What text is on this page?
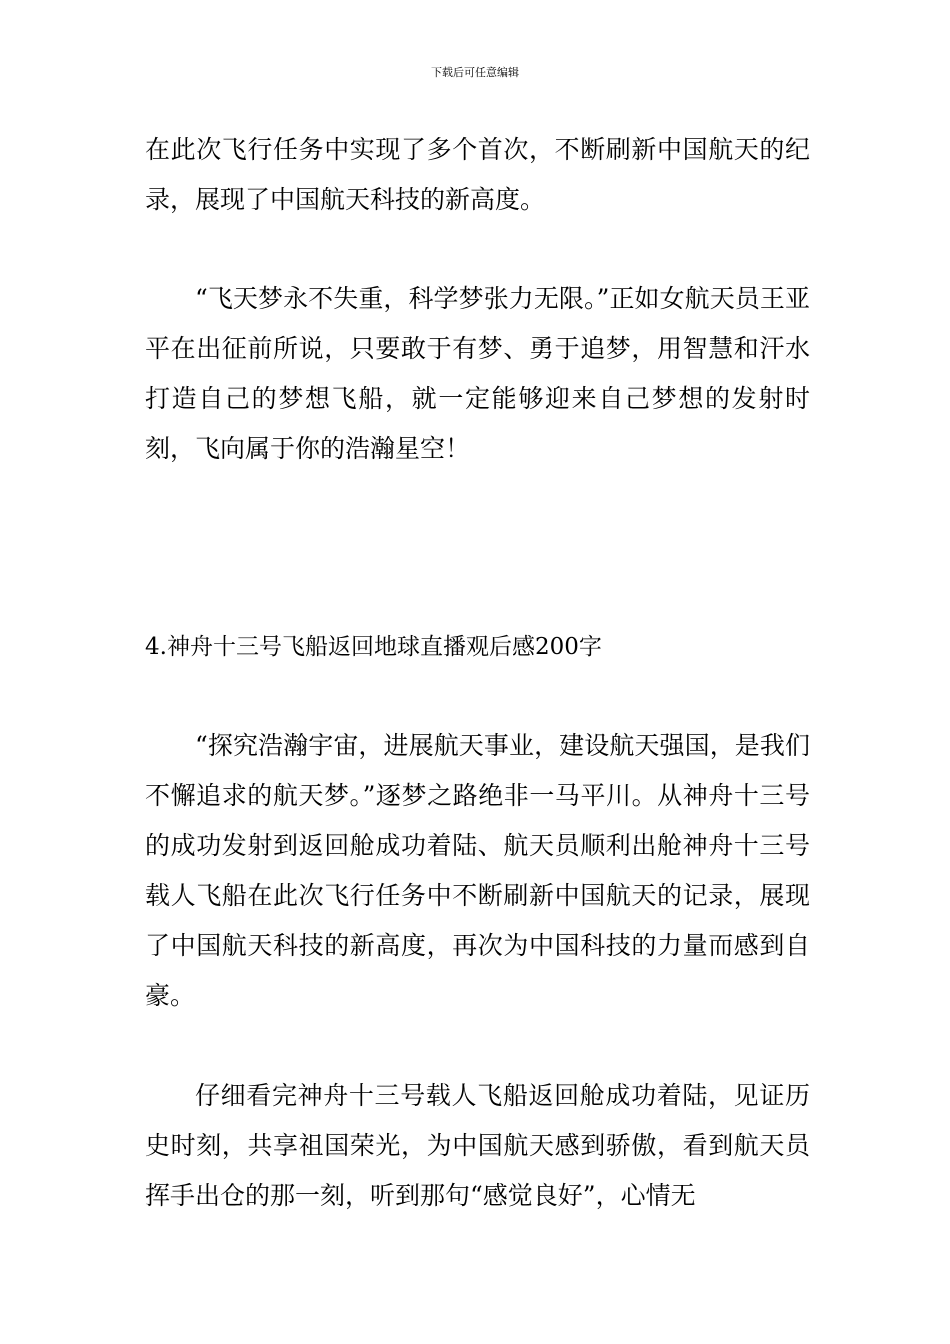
下载后可任意编辑

在此次飞行任务中实现了多个首次，不断刷新中国航天的纪录，展现了中国航天科技的新高度。

“飞天梦永不失重，科学梦张力无限。”正如女航天员王亚平在出征前所说，只要敢于有梦、勇于追梦，用智慧和汗水打造自己的梦想飞船，就一定能够迎来自己梦想的发射时刻，飞向属于你的浩瀚星空！

4.神舟十三号飞船返回地球直播观后感200字

“探究浩瀚宇宙，进展航天事业，建设航天强国，是我们不懈追求的航天梦。”逐梦之路绝非一马平川。从神舟十三号的成功发射到返回舱成功着陆、航天员顺利出舱神舟十三号载人飞船在此次飞行任务中不断刷新中国航天的记录，展现了中国航天科技的新高度，再次为中国科技的力量而感到自豪。

仔细看完神舟十三号载人飞船返回舱成功着陆，见证历史时刻，共享祖国荣光，为中国航天感到骄傲，看到航天员挥手出仓的那一刻，听到那句“感觉良好”，心情无
